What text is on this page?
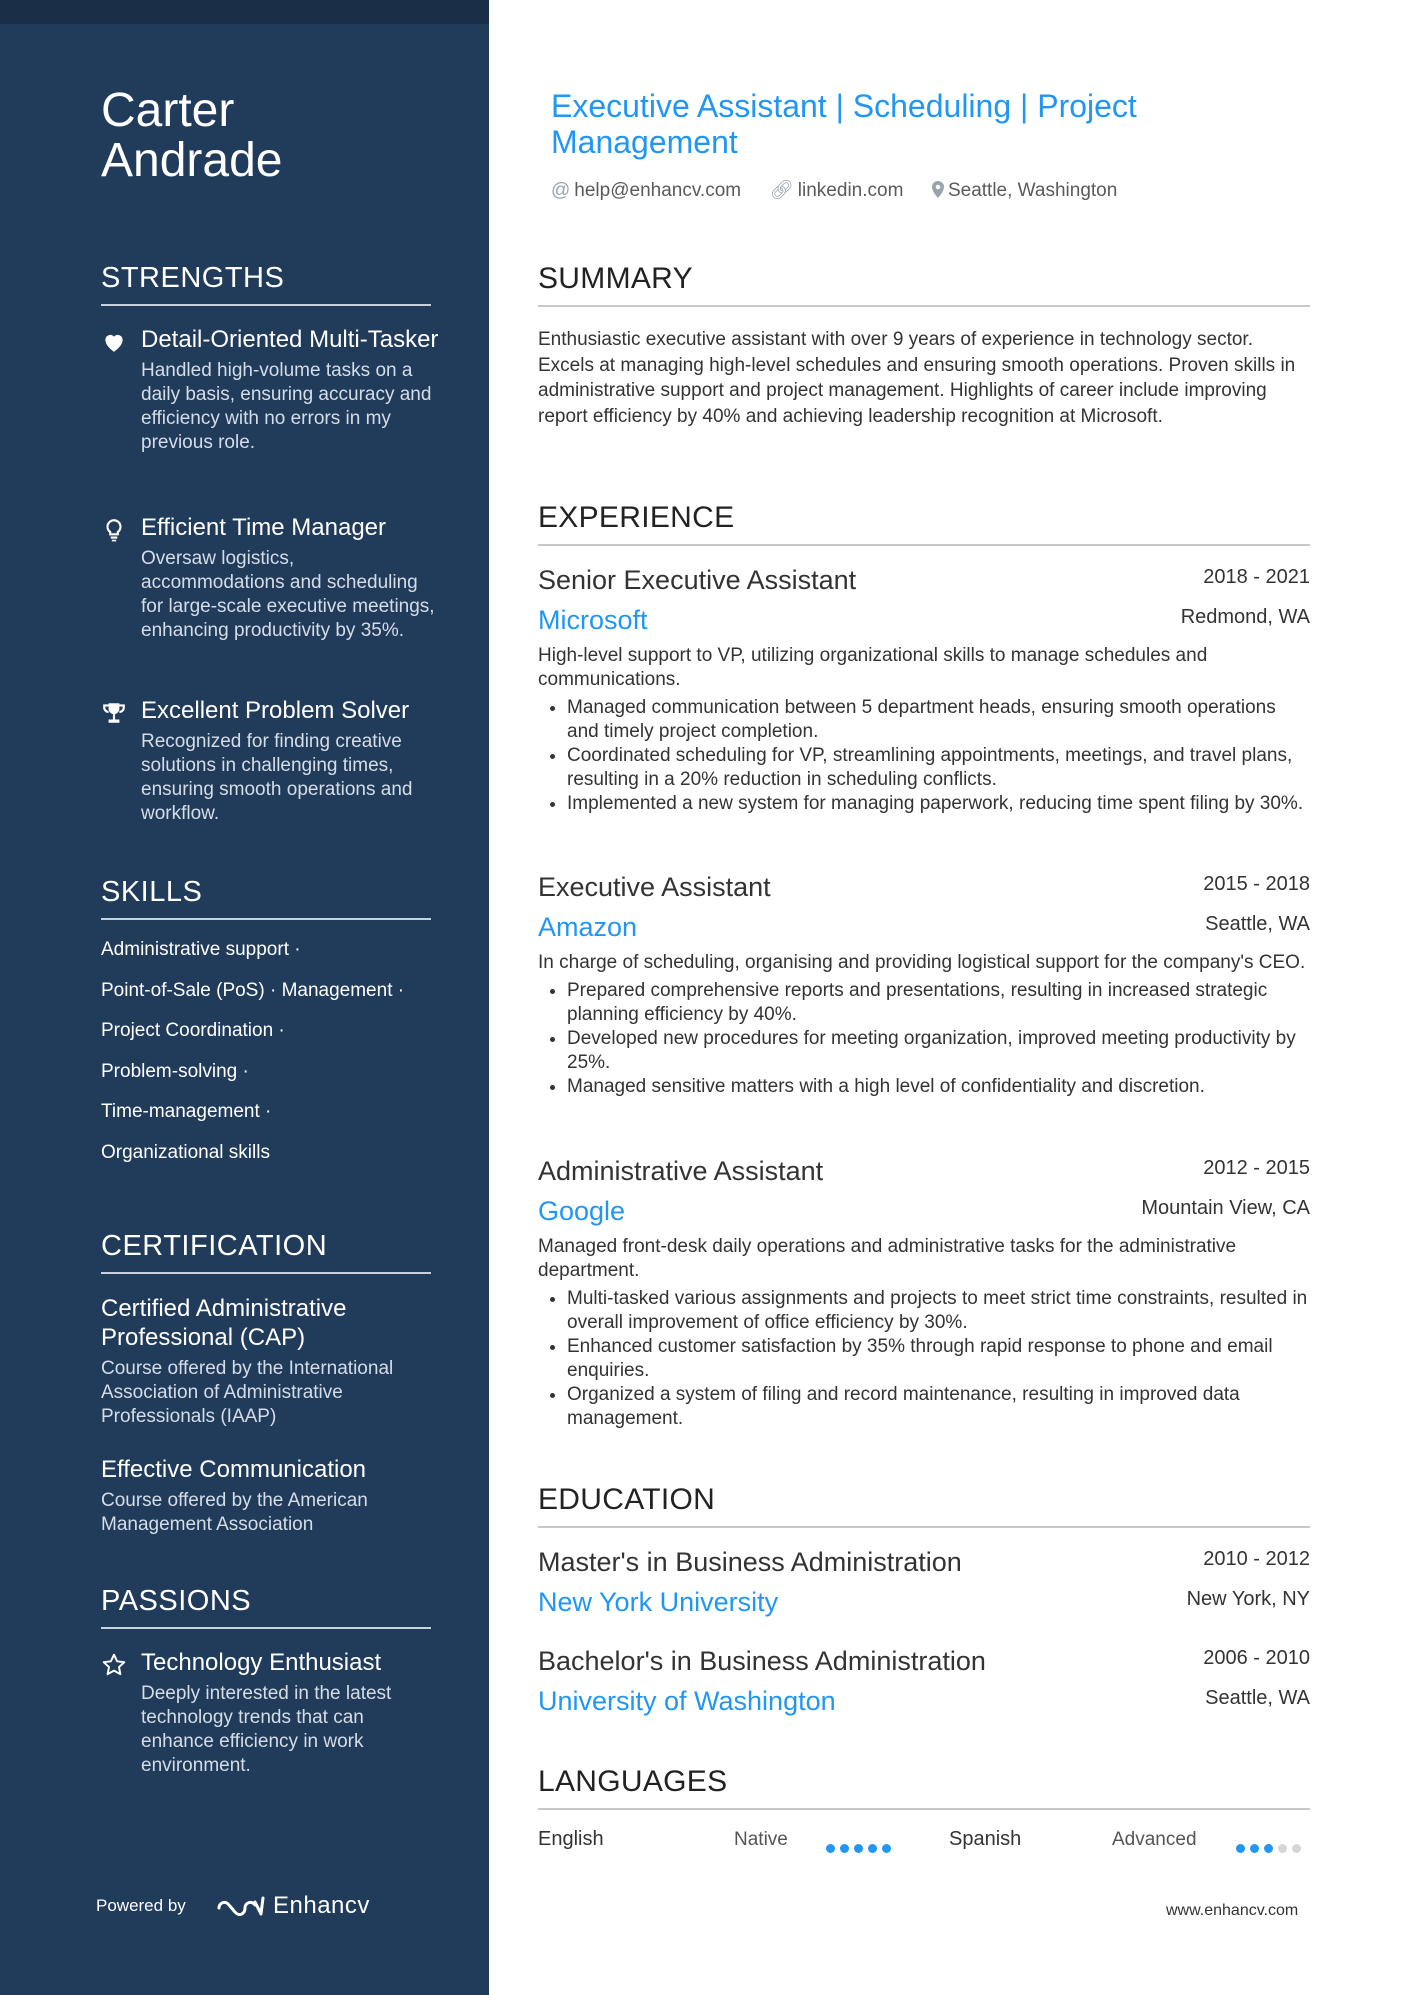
Carter
Andrade
STRENGTHS
Detail-Oriented Multi-Tasker
Handled high-volume tasks on a daily basis, ensuring accuracy and efficiency with no errors in my previous role.
Efficient Time Manager
Oversaw logistics, accommodations and scheduling for large-scale executive meetings, enhancing productivity by 35%.
Excellent Problem Solver
Recognized for finding creative solutions in challenging times, ensuring smooth operations and workflow.
SKILLS
Administrative support ·
Point-of-Sale (PoS) · Management ·
Project Coordination ·
Problem-solving ·
Time-management ·
Organizational skills
CERTIFICATION
Certified Administrative Professional (CAP)
Course offered by the International Association of Administrative Professionals (IAAP)
Effective Communication
Course offered by the American Management Association
PASSIONS
Technology Enthusiast
Deeply interested in the latest technology trends that can enhance efficiency in work environment.
Powered by	Enhancv
Executive Assistant | Scheduling | Project Management
@ help@enhancv.com 🔗︎ linkedin.com Seattle, Washington
SUMMARY
Enthusiastic executive assistant with over 9 years of experience in technology sector. Excels at managing high-level schedules and ensuring smooth operations. Proven skills in administrative support and project management. Highlights of career include improving report efficiency by 40% and achieving leadership recognition at Microsoft.
EXPERIENCE
Senior Executive Assistant	2018 - 2021
Microsoft	Redmond, WA
High-level support to VP, utilizing organizational skills to manage schedules and communications.
• Managed communication between 5 department heads, ensuring smooth operations and timely project completion.
• Coordinated scheduling for VP, streamlining appointments, meetings, and travel plans, resulting in a 20% reduction in scheduling conflicts.
• Implemented a new system for managing paperwork, reducing time spent filing by 30%.
Executive Assistant	2015 - 2018
Amazon	Seattle, WA
In charge of scheduling, organising and providing logistical support for the company's CEO.
• Prepared comprehensive reports and presentations, resulting in increased strategic planning efficiency by 40%.
• Developed new procedures for meeting organization, improved meeting productivity by 25%.
• Managed sensitive matters with a high level of confidentiality and discretion.
Administrative Assistant	2012 - 2015
Google	Mountain View, CA
Managed front-desk daily operations and administrative tasks for the administrative department.
• Multi-tasked various assignments and projects to meet strict time constraints, resulted in overall improvement of office efficiency by 30%.
• Enhanced customer satisfaction by 35% through rapid response to phone and email enquiries.
• Organized a system of filing and record maintenance, resulting in improved data management.
EDUCATION
Master's in Business Administration	2010 - 2012
New York University	New York, NY
Bachelor's in Business Administration	2006 - 2010
University of Washington	Seattle, WA
LANGUAGES
English	Native	Spanish	Advanced
www.enhancv.com
